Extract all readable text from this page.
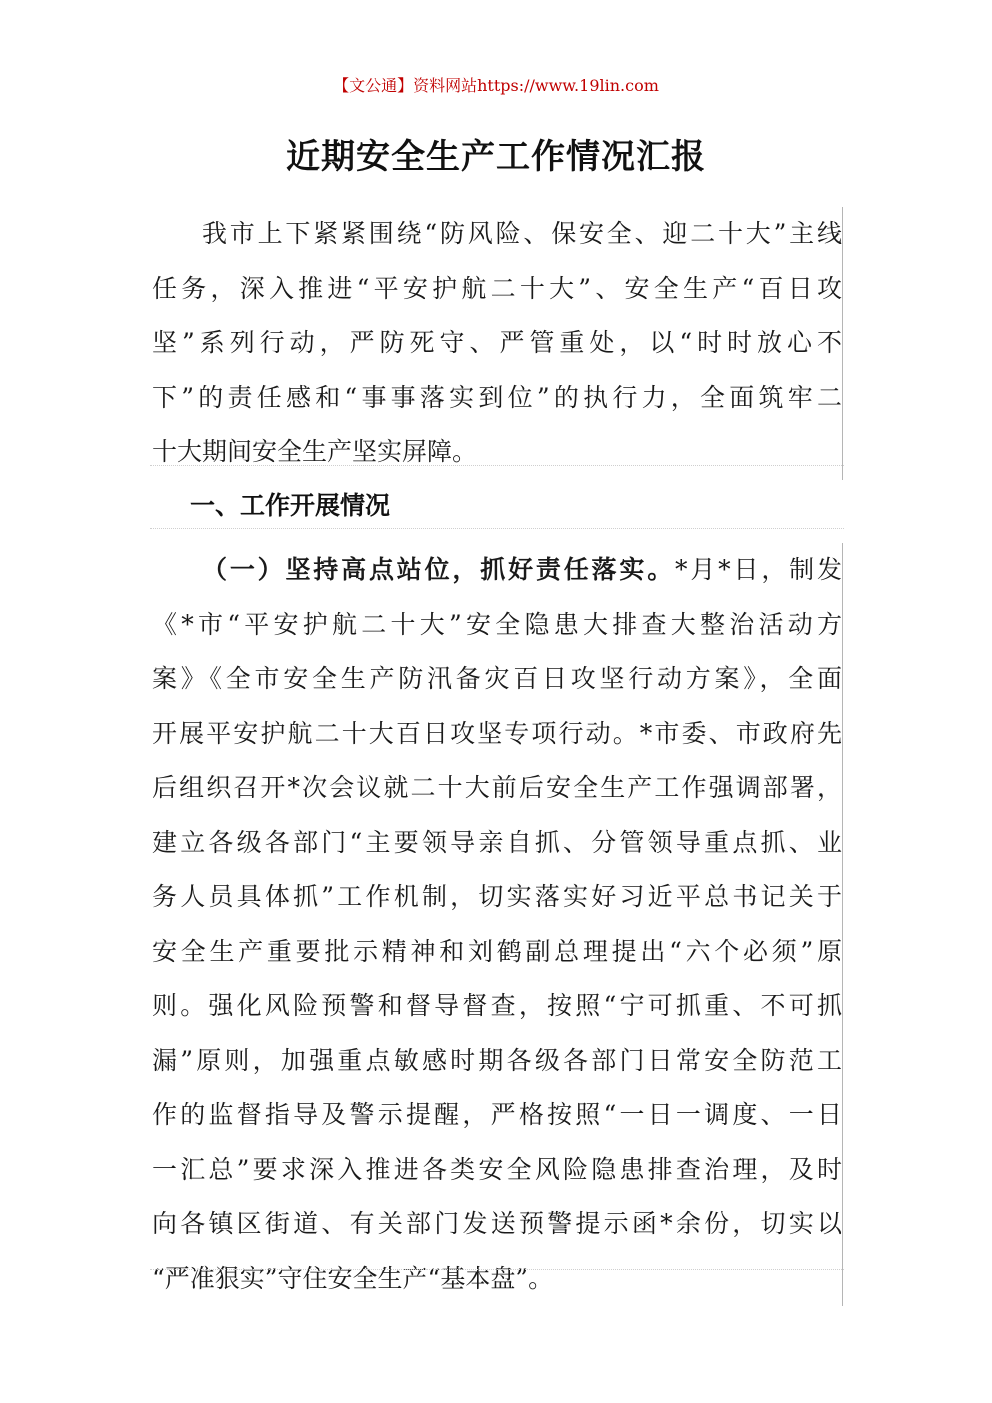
【文公通】资料网站https://www.19lin.com
近期安全生产工作情况汇报
我市上下紧紧围绕“防风险、保安全、迎二十大”主线
任务，深入推进“平安护航二十大”、安全生产“百日攻
坚”系列行动，严防死守、严管重处，以“时时放心不
下”的责任感和“事事落实到位”的执行力，全面筑牢二
十大期间安全生产坚实屏障。
一、工作开展情况
（一）坚持高点站位，抓好责任落实。*月*日，制发
《*市“平安护航二十大”安全隐患大排查大整治活动方
案》《全市安全生产防汛备灾百日攻坚行动方案》，全面
开展平安护航二十大百日攻坚专项行动。*市委、市政府先
后组织召开*次会议就二十大前后安全生产工作强调部署，
建立各级各部门“主要领导亲自抓、分管领导重点抓、业
务人员具体抓”工作机制，切实落实好习近平总书记关于
安全生产重要批示精神和刘鹤副总理提出“六个必须”原
则。强化风险预警和督导督查，按照“宁可抓重、不可抓
漏”原则，加强重点敏感时期各级各部门日常安全防范工
作的监督指导及警示提醒，严格按照“一日一调度、一日
一汇总”要求深入推进各类安全风险隐患排查治理，及时
向各镇区街道、有关部门发送预警提示函*余份，切实以
“严准狠实”守住安全生产“基本盘”。
